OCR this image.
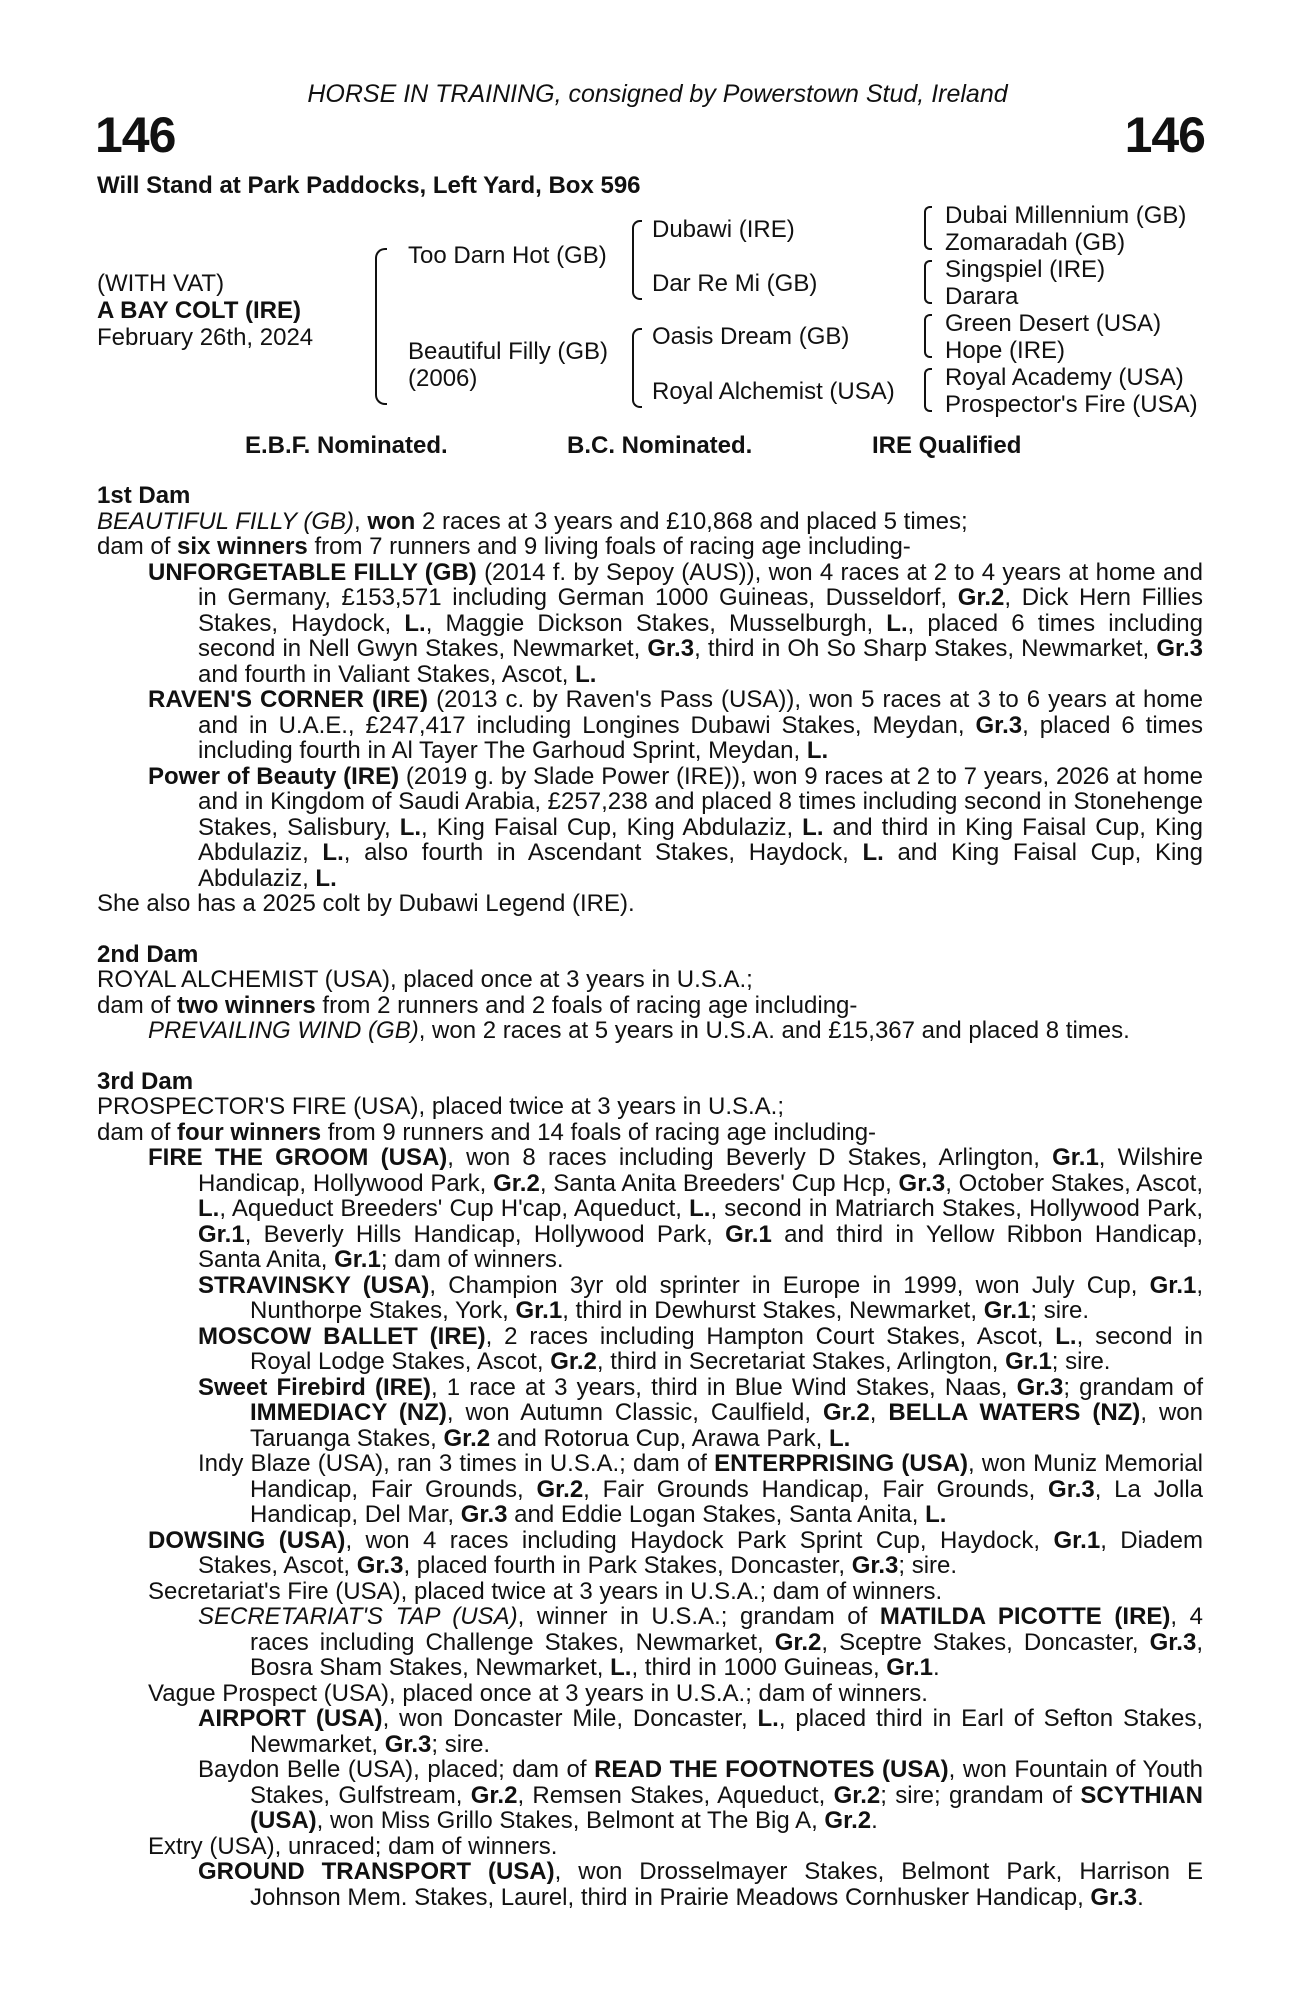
HORSE IN TRAINING, consigned by Powerstown Stud, Ireland
146	146
Will Stand at Park Paddocks, Left Yard, Box 596
(WITH VAT)
A BAY COLT (IRE)
February 26th, 2024
Too Darn Hot (GB)
Beautiful Filly (GB)
(2006)
Dubawi (IRE)
Dar Re Mi (GB)
Oasis Dream (GB)
Royal Alchemist (USA)
Dubai Millennium (GB)
Zomaradah (GB)
Singspiel (IRE)
Darara
Green Desert (USA)
Hope (IRE)
Royal Academy (USA)
Prospector's Fire (USA)
E.B.F. Nominated.	B.C. Nominated.	IRE Qualified

1st Dam

BEAUTIFUL FILLY (GB), won 2 races at 3 years and £10,868 and placed 5 times;

dam of six winners from 7 runners and 9 living foals of racing age including-

UNFORGETABLE FILLY (GB) (2014 f. by Sepoy (AUS)), won 4 races at 2 to 4 years at home and in Germany, £153,571 including German 1000 Guineas, Dusseldorf, Gr.2, Dick Hern Fillies Stakes, Haydock, L., Maggie Dickson Stakes, Musselburgh, L., placed 6 times including second in Nell Gwyn Stakes, Newmarket, Gr.3, third in Oh So Sharp Stakes, Newmarket, Gr.3 and fourth in Valiant Stakes, Ascot, L.

RAVEN'S CORNER (IRE) (2013 c. by Raven's Pass (USA)), won 5 races at 3 to 6 years at home and in U.A.E., £247,417 including Longines Dubawi Stakes, Meydan, Gr.3, placed 6 times including fourth in Al Tayer The Garhoud Sprint, Meydan, L.

Power of Beauty (IRE) (2019 g. by Slade Power (IRE)), won 9 races at 2 to 7 years, 2026 at home and in Kingdom of Saudi Arabia, £257,238 and placed 8 times including second in Stonehenge Stakes, Salisbury, L., King Faisal Cup, King Abdulaziz, L. and third in King Faisal Cup, King Abdulaziz, L., also fourth in Ascendant Stakes, Haydock, L. and King Faisal Cup, King Abdulaziz, L.

She also has a 2025 colt by Dubawi Legend (IRE).

2nd Dam

ROYAL ALCHEMIST (USA), placed once at 3 years in U.S.A.;

dam of two winners from 2 runners and 2 foals of racing age including-

PREVAILING WIND (GB), won 2 races at 5 years in U.S.A. and £15,367 and placed 8 times.

3rd Dam

PROSPECTOR'S FIRE (USA), placed twice at 3 years in U.S.A.;

dam of four winners from 9 runners and 14 foals of racing age including-

FIRE THE GROOM (USA), won 8 races including Beverly D Stakes, Arlington, Gr.1, Wilshire Handicap, Hollywood Park, Gr.2, Santa Anita Breeders' Cup Hcp, Gr.3, October Stakes, Ascot, L., Aqueduct Breeders' Cup H'cap, Aqueduct, L., second in Matriarch Stakes, Hollywood Park, Gr.1, Beverly Hills Handicap, Hollywood Park, Gr.1 and third in Yellow Ribbon Handicap, Santa Anita, Gr.1; dam of winners.

STRAVINSKY (USA), Champion 3yr old sprinter in Europe in 1999, won July Cup, Gr.1, Nunthorpe Stakes, York, Gr.1, third in Dewhurst Stakes, Newmarket, Gr.1; sire.

MOSCOW BALLET (IRE), 2 races including Hampton Court Stakes, Ascot, L., second in Royal Lodge Stakes, Ascot, Gr.2, third in Secretariat Stakes, Arlington, Gr.1; sire.

Sweet Firebird (IRE), 1 race at 3 years, third in Blue Wind Stakes, Naas, Gr.3; grandam of IMMEDIACY (NZ), won Autumn Classic, Caulfield, Gr.2, BELLA WATERS (NZ), won Taruanga Stakes, Gr.2 and Rotorua Cup, Arawa Park, L.

Indy Blaze (USA), ran 3 times in U.S.A.; dam of ENTERPRISING (USA), won Muniz Memorial Handicap, Fair Grounds, Gr.2, Fair Grounds Handicap, Fair Grounds, Gr.3, La Jolla Handicap, Del Mar, Gr.3 and Eddie Logan Stakes, Santa Anita, L.

DOWSING (USA), won 4 races including Haydock Park Sprint Cup, Haydock, Gr.1, Diadem Stakes, Ascot, Gr.3, placed fourth in Park Stakes, Doncaster, Gr.3; sire.

Secretariat's Fire (USA), placed twice at 3 years in U.S.A.; dam of winners.

SECRETARIAT'S TAP (USA), winner in U.S.A.; grandam of MATILDA PICOTTE (IRE), 4 races including Challenge Stakes, Newmarket, Gr.2, Sceptre Stakes, Doncaster, Gr.3, Bosra Sham Stakes, Newmarket, L., third in 1000 Guineas, Gr.1.

Vague Prospect (USA), placed once at 3 years in U.S.A.; dam of winners.

AIRPORT (USA), won Doncaster Mile, Doncaster, L., placed third in Earl of Sefton Stakes, Newmarket, Gr.3; sire.

Baydon Belle (USA), placed; dam of READ THE FOOTNOTES (USA), won Fountain of Youth Stakes, Gulfstream, Gr.2, Remsen Stakes, Aqueduct, Gr.2; sire; grandam of SCYTHIAN (USA), won Miss Grillo Stakes, Belmont at The Big A, Gr.2.

Extry (USA), unraced; dam of winners.

GROUND TRANSPORT (USA), won Drosselmayer Stakes, Belmont Park, Harrison E Johnson Mem. Stakes, Laurel, third in Prairie Meadows Cornhusker Handicap, Gr.3.
